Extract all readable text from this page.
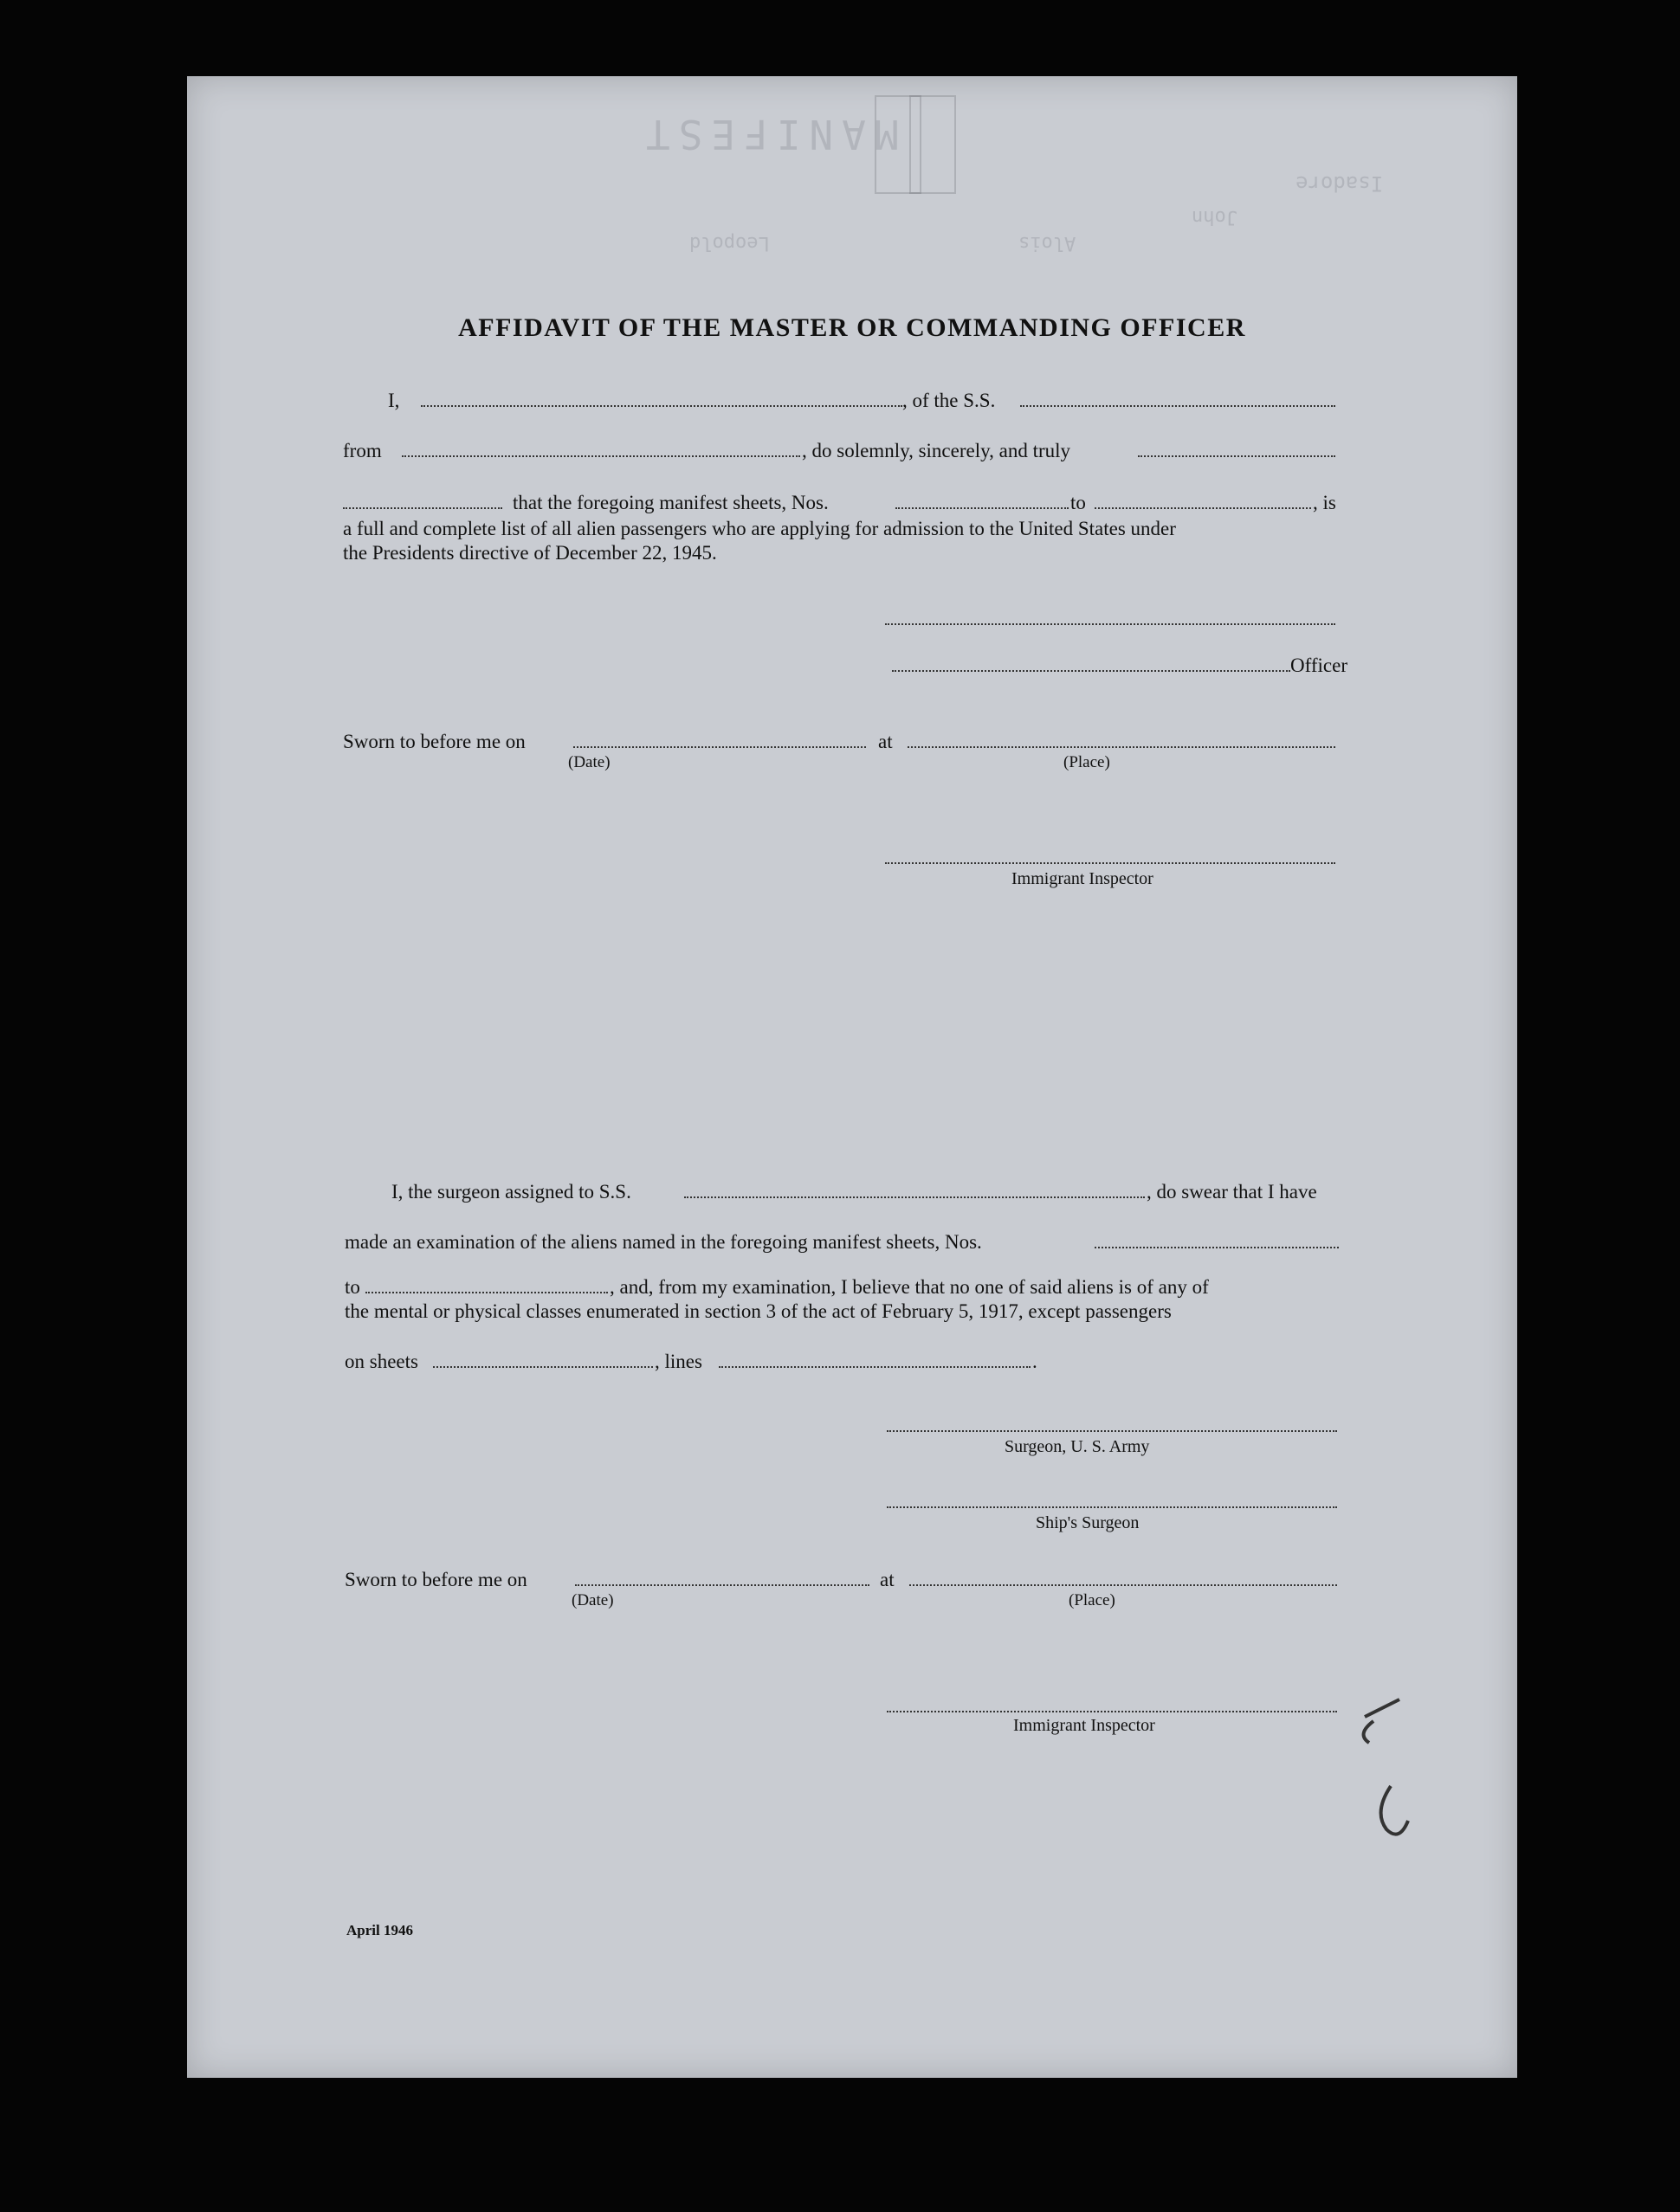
MANIFEST
Isadore
John
Alois
Leopold
AFFIDAVIT OF THE MASTER OR COMMANDING OFFICER
I,	, of the S.S.
from	, do solemnly, sincerely, and truly
that the foregoing manifest sheets, Nos.	to	, is
a full and complete list of all alien passengers who are applying for admission to the United States under
the Presidents directive of December 22, 1945.
Officer
Sworn to before me on	at
(Date)	(Place)
Immigrant Inspector
I, the surgeon assigned to S.S.	, do swear that I have
made an examination of the aliens named in the foregoing manifest sheets, Nos.
to	, and, from my examination, I believe that no one of said aliens is of any of
the mental or physical classes enumerated in section 3 of the act of February 5, 1917, except passengers
on sheets	, lines	.
Surgeon, U. S. Army
Ship's Surgeon
Sworn to before me on	at
(Date)	(Place)
Immigrant Inspector
April 1946
